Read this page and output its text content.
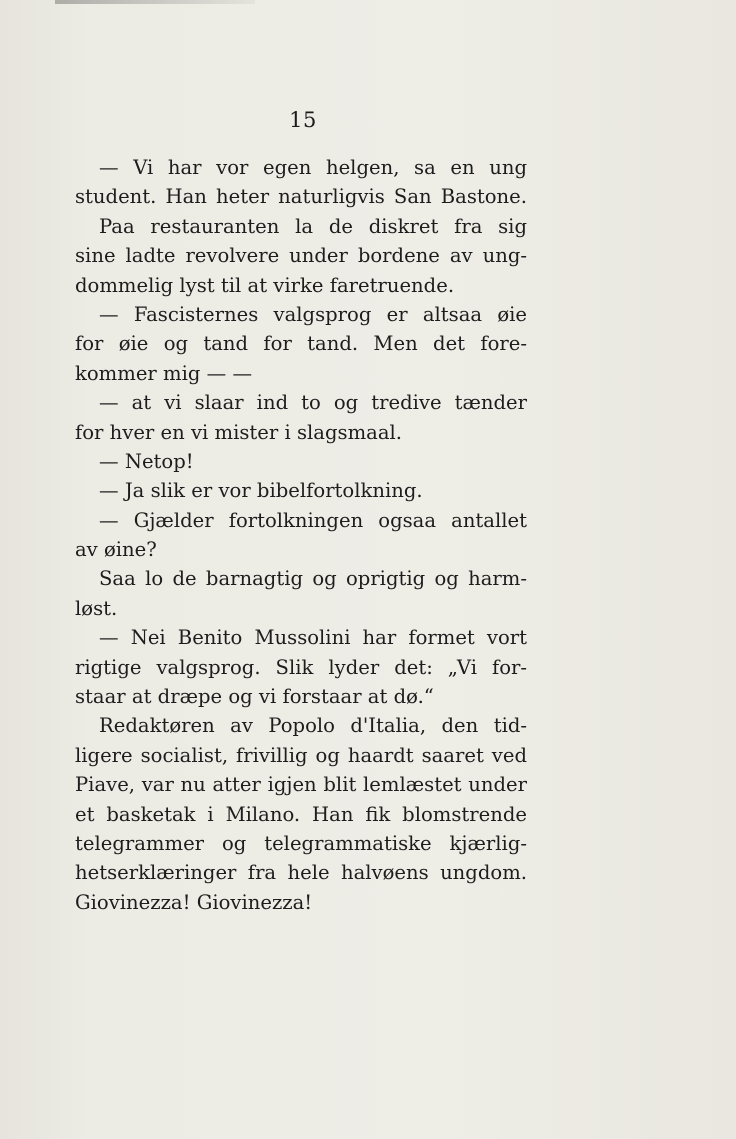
15
— Vi har vor egen helgen, sa en ung
student. Han heter naturligvis San Bastone.
Paa restauranten la de diskret fra sig
sine ladte revolvere under bordene av ung-
dommelig lyst til at virke faretruende.
— Fascisternes valgsprog er altsaa øie
for øie og tand for tand. Men det fore-
kommer mig — —
— at vi slaar ind to og tredive tænder
for hver en vi mister i slagsmaal.
— Netop!
— Ja slik er vor bibelfortolkning.
— Gjælder fortolkningen ogsaa antallet
av øine?
Saa lo de barnagtig og oprigtig og harm-
løst.
— Nei Benito Mussolini har formet vort
rigtige valgsprog. Slik lyder det: „Vi for-
staar at dræpe og vi forstaar at dø.“
Redaktøren av Popolo d'Italia, den tid-
ligere socialist, frivillig og haardt saaret ved
Piave, var nu atter igjen blit lemlæstet under
et basketak i Milano. Han fik blomstrende
telegrammer og telegrammatiske kjærlig-
hetserklæringer fra hele halvøens ungdom.
Giovinezza! Giovinezza!
